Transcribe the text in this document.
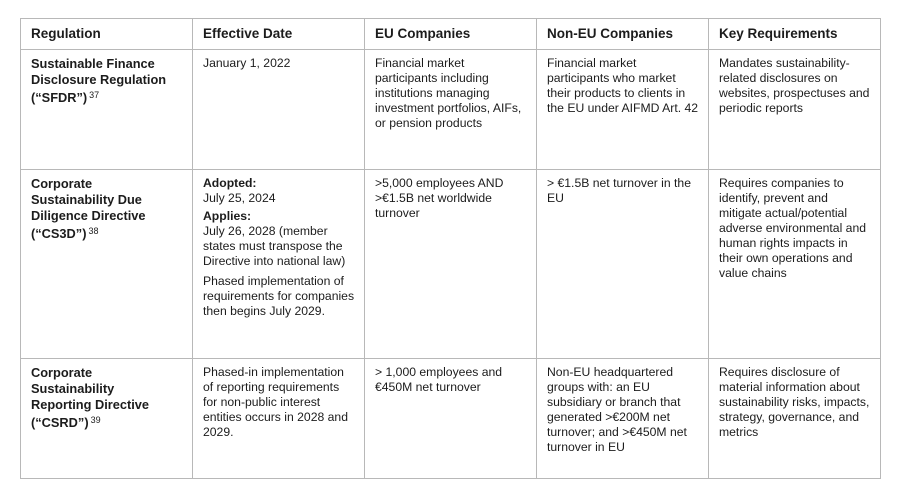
Regulation	Effective Date	EU Companies	Non-EU Companies	Key Requirements

Sustainable Finance
Disclosure Regulation
(“SFDR”) $^{37}$	January 1, 2022	Financial market participants including institutions managing investment portfolios, AIFs, or pension products	Financial market participants who market their products to clients in the EU under AIFMD Art. 42	Mandates sustainability-related disclosures on websites, prospectuses and periodic reports

Corporate
Sustainability Due
Diligence Directive
(“CS3D”) $^{38}$	Adopted:
July 25, 2024
Applies:
July 26, 2028 (member states must transpose the Directive into national law)
Phased implementation of requirements for companies then begins July 2029.	>5,000 employees AND >€1.5B net worldwide turnover	> €1.5B net turnover in the EU	Requires companies to identify, prevent and mitigate actual/potential adverse environmental and human rights impacts in their own operations and value chains

Corporate
Sustainability
Reporting Directive
(“CSRD”) $^{39}$	Phased-in implementation of reporting requirements for non-public interest entities occurs in 2028 and 2029.	> 1,000 employees and €450M net turnover	Non-EU headquartered groups with: an EU subsidiary or branch that generated >€200M net turnover; and >€450M net turnover in EU	Requires disclosure of material information about sustainability risks, impacts, strategy, governance, and metrics
